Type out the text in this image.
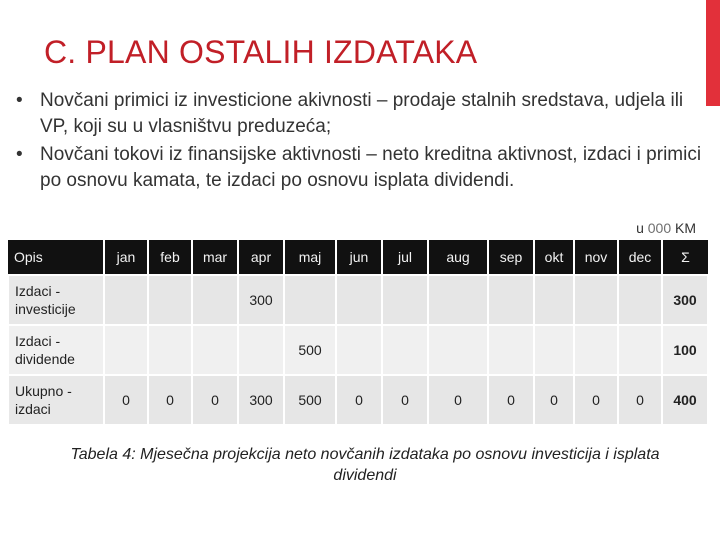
C. PLAN OSTALIH IZDATAKA
• Novčani primici iz investicione akivnosti – prodaje stalnih sredstava, udjela ili VP, koji su u vlasništvu preduzeća;
• Novčani tokovi iz finansijske aktivnosti – neto kreditna aktivnost, izdaci i primici po osnovu kamata, te izdaci po osnovu isplata dividendi.
u 000 KM
Opis	jan	feb	mar	apr	maj	jun	jul	aug	sep	okt	nov	dec	Σ
Izdaci - investicije				300									300
Izdaci - dividende					500								100
Ukupno - izdaci	0	0	0	300	500	0	0	0	0	0	0	0	400
Tabela 4: Mjesečna projekcija neto novčanih izdataka po osnovu investicija i isplata dividendi
